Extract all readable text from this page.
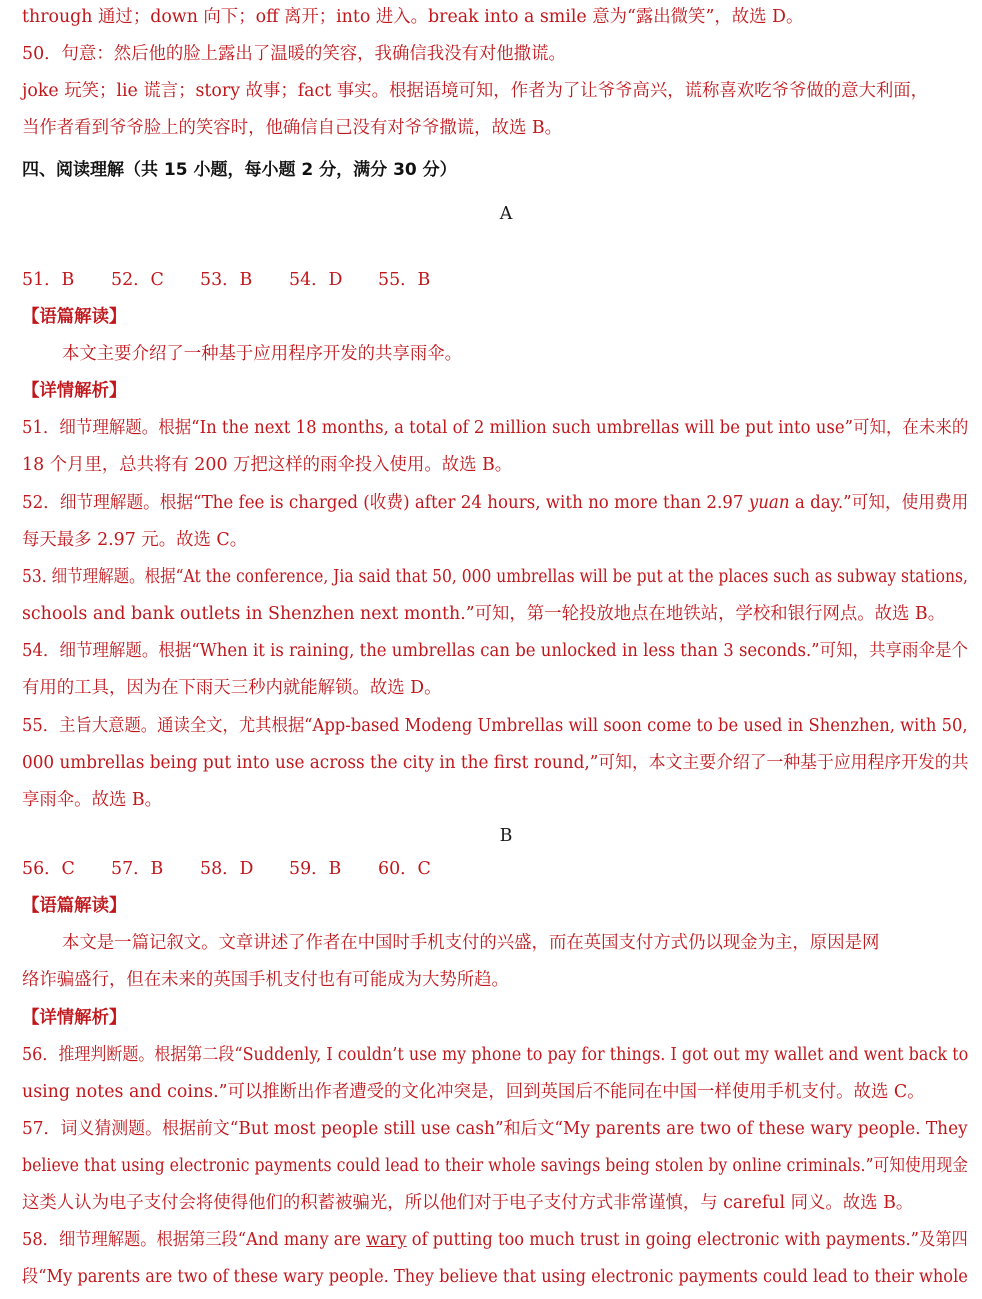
through 通过；down 向下；off 离开；into 进入。break into a smile 意为“露出微笑”，故选 D。
50．句意：然后他的脸上露出了温暖的笑容，我确信我没有对他撒谎。
joke 玩笑；lie 谎言；story 故事；fact 事实。根据语境可知，作者为了让爷爷高兴，谎称喜欢吃爷爷做的意大利面，
当作者看到爷爷脸上的笑容时，他确信自己没有对爷爷撒谎，故选 B。
四、阅读理解（共 15 小题，每小题 2 分，满分 30 分）
A
51．B 52．C 53．B 54．D 55．B
【语篇解读】
本文主要介绍了一种基于应用程序开发的共享雨伞。
【详情解析】
51．细节理解题。根据“In the next 18 months, a total of 2 million such umbrellas will be put into use”可知，在未来的
18 个月里，总共将有 200 万把这样的雨伞投入使用。故选 B。
52．细节理解题。根据“The fee is charged (收费) after 24 hours, with no more than 2.97 yuan a day.”可知，使用费用
每天最多 2.97 元。故选 C。
53. 细节理解题。根据“At the conference, Jia said that 50, 000 umbrellas will be put at the places such as subway stations,
schools and bank outlets in Shenzhen next month.”可知，第一轮投放地点在地铁站，学校和银行网点。故选 B。
54．细节理解题。根据“When it is raining, the umbrellas can be unlocked in less than 3 seconds.”可知，共享雨伞是个
有用的工具，因为在下雨天三秒内就能解锁。故选 D。
55．主旨大意题。通读全文，尤其根据“App-based Modeng Umbrellas will soon come to be used in Shenzhen, with 50,
000 umbrellas being put into use across the city in the first round,”可知，本文主要介绍了一种基于应用程序开发的共
享雨伞。故选 B。
B
56．C 57．B 58．D 59．B 60．C
【语篇解读】
本文是一篇记叙文。文章讲述了作者在中国时手机支付的兴盛，而在英国支付方式仍以现金为主，原因是网
络诈骗盛行，但在未来的英国手机支付也有可能成为大势所趋。
【详情解析】
56．推理判断题。根据第二段“Suddenly, I couldn’t use my phone to pay for things. I got out my wallet and went back to
using notes and coins.”可以推断出作者遭受的文化冲突是，回到英国后不能同在中国一样使用手机支付。故选 C。
57．词义猜测题。根据前文“But most people still use cash”和后文“My parents are two of these wary people. They
believe that using electronic payments could lead to their whole savings being stolen by online criminals.”可知使用现金
这类人认为电子支付会将使得他们的积蓄被骗光，所以他们对于电子支付方式非常谨慎，与 careful 同义。故选 B。
58．细节理解题。根据第三段“And many are wary of putting too much trust in going electronic with payments.”及第四
段“My parents are two of these wary people. They believe that using electronic payments could lead to their whole
